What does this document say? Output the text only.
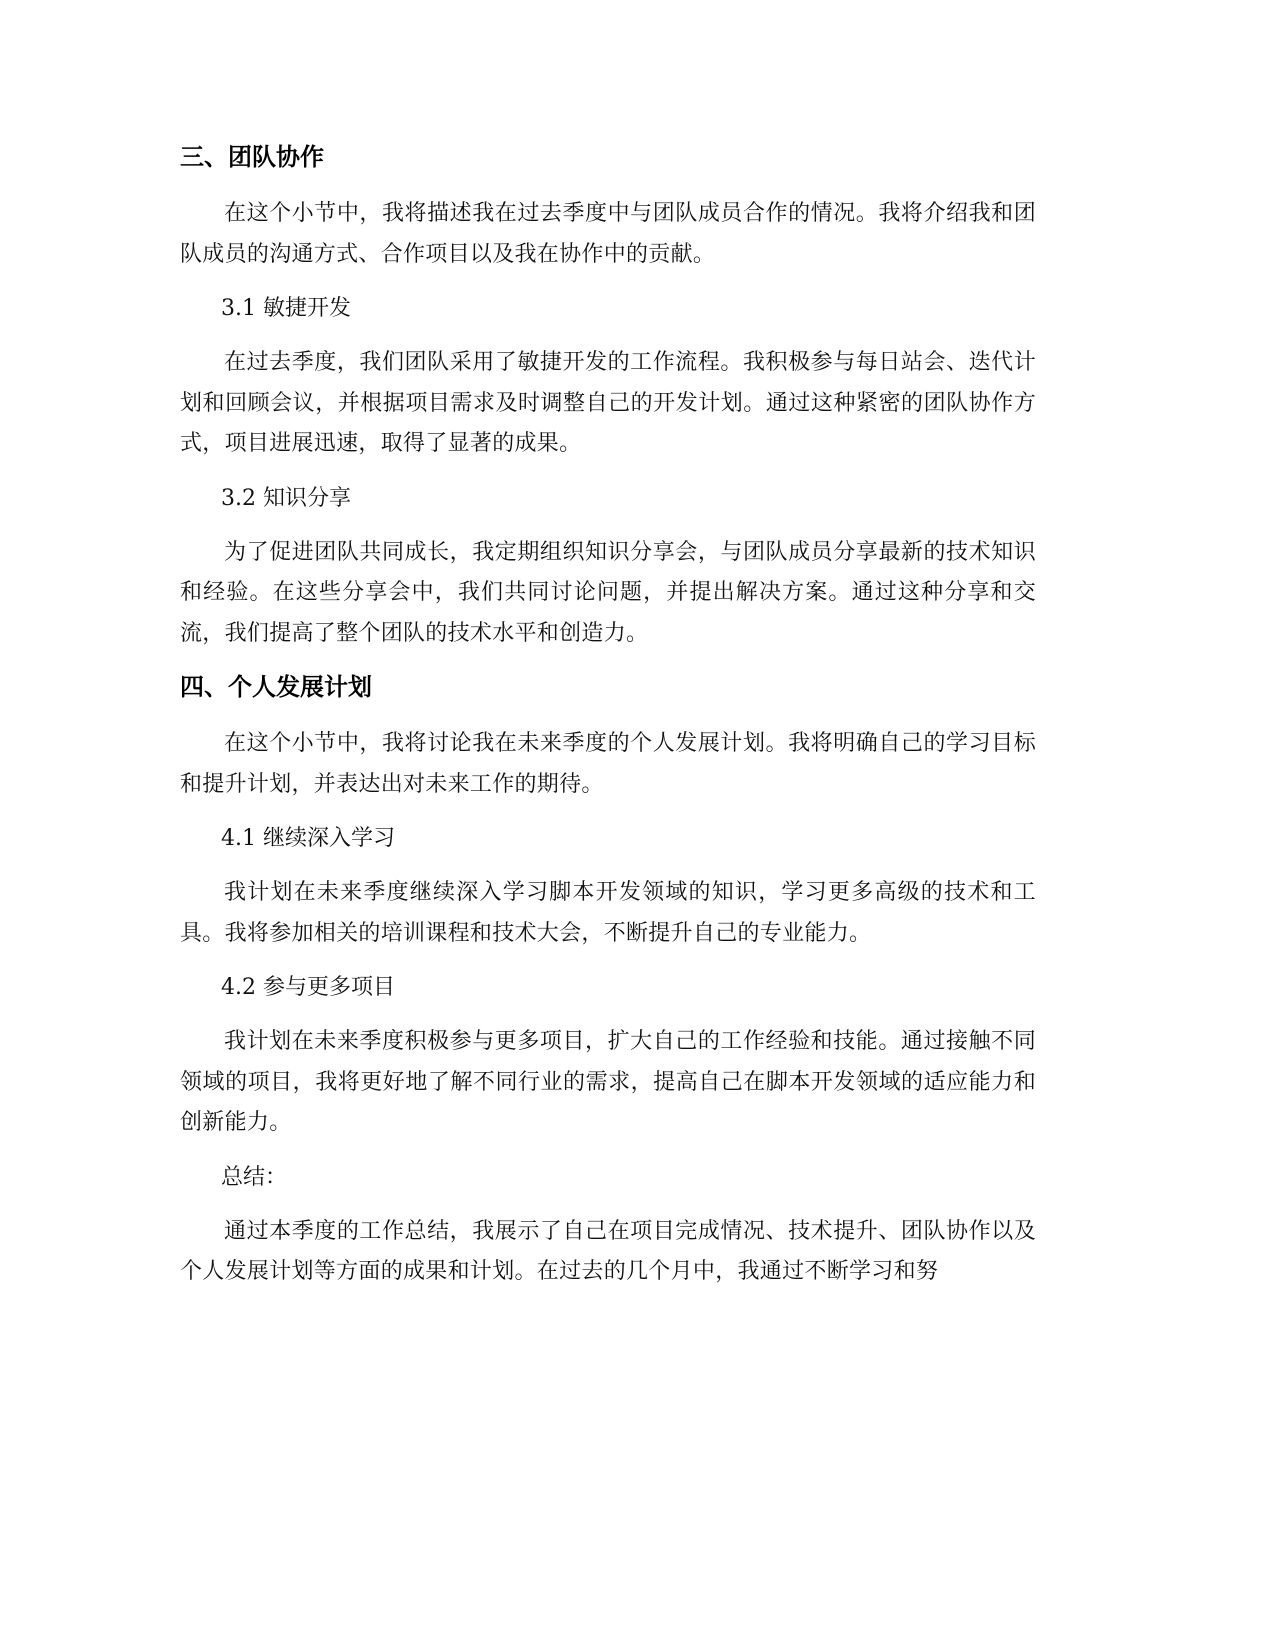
三、团队协作

在这个小节中，我将描述我在过去季度中与团队成员合作的情况。我将介绍我和团队成员的沟通方式、合作项目以及我在协作中的贡献。

3.1 敏捷开发

在过去季度，我们团队采用了敏捷开发的工作流程。我积极参与每日站会、迭代计划和回顾会议，并根据项目需求及时调整自己的开发计划。通过这种紧密的团队协作方式，项目进展迅速，取得了显著的成果。

3.2 知识分享

为了促进团队共同成长，我定期组织知识分享会，与团队成员分享最新的技术知识和经验。在这些分享会中，我们共同讨论问题，并提出解决方案。通过这种分享和交流，我们提高了整个团队的技术水平和创造力。

四、个人发展计划

在这个小节中，我将讨论我在未来季度的个人发展计划。我将明确自己的学习目标和提升计划，并表达出对未来工作的期待。

4.1 继续深入学习

我计划在未来季度继续深入学习脚本开发领域的知识，学习更多高级的技术和工具。我将参加相关的培训课程和技术大会，不断提升自己的专业能力。

4.2 参与更多项目

我计划在未来季度积极参与更多项目，扩大自己的工作经验和技能。通过接触不同领域的项目，我将更好地了解不同行业的需求，提高自己在脚本开发领域的适应能力和创新能力。

总结：

通过本季度的工作总结，我展示了自己在项目完成情况、技术提升、团队协作以及个人发展计划等方面的成果和计划。在过去的几个月中，我通过不断学习和努
